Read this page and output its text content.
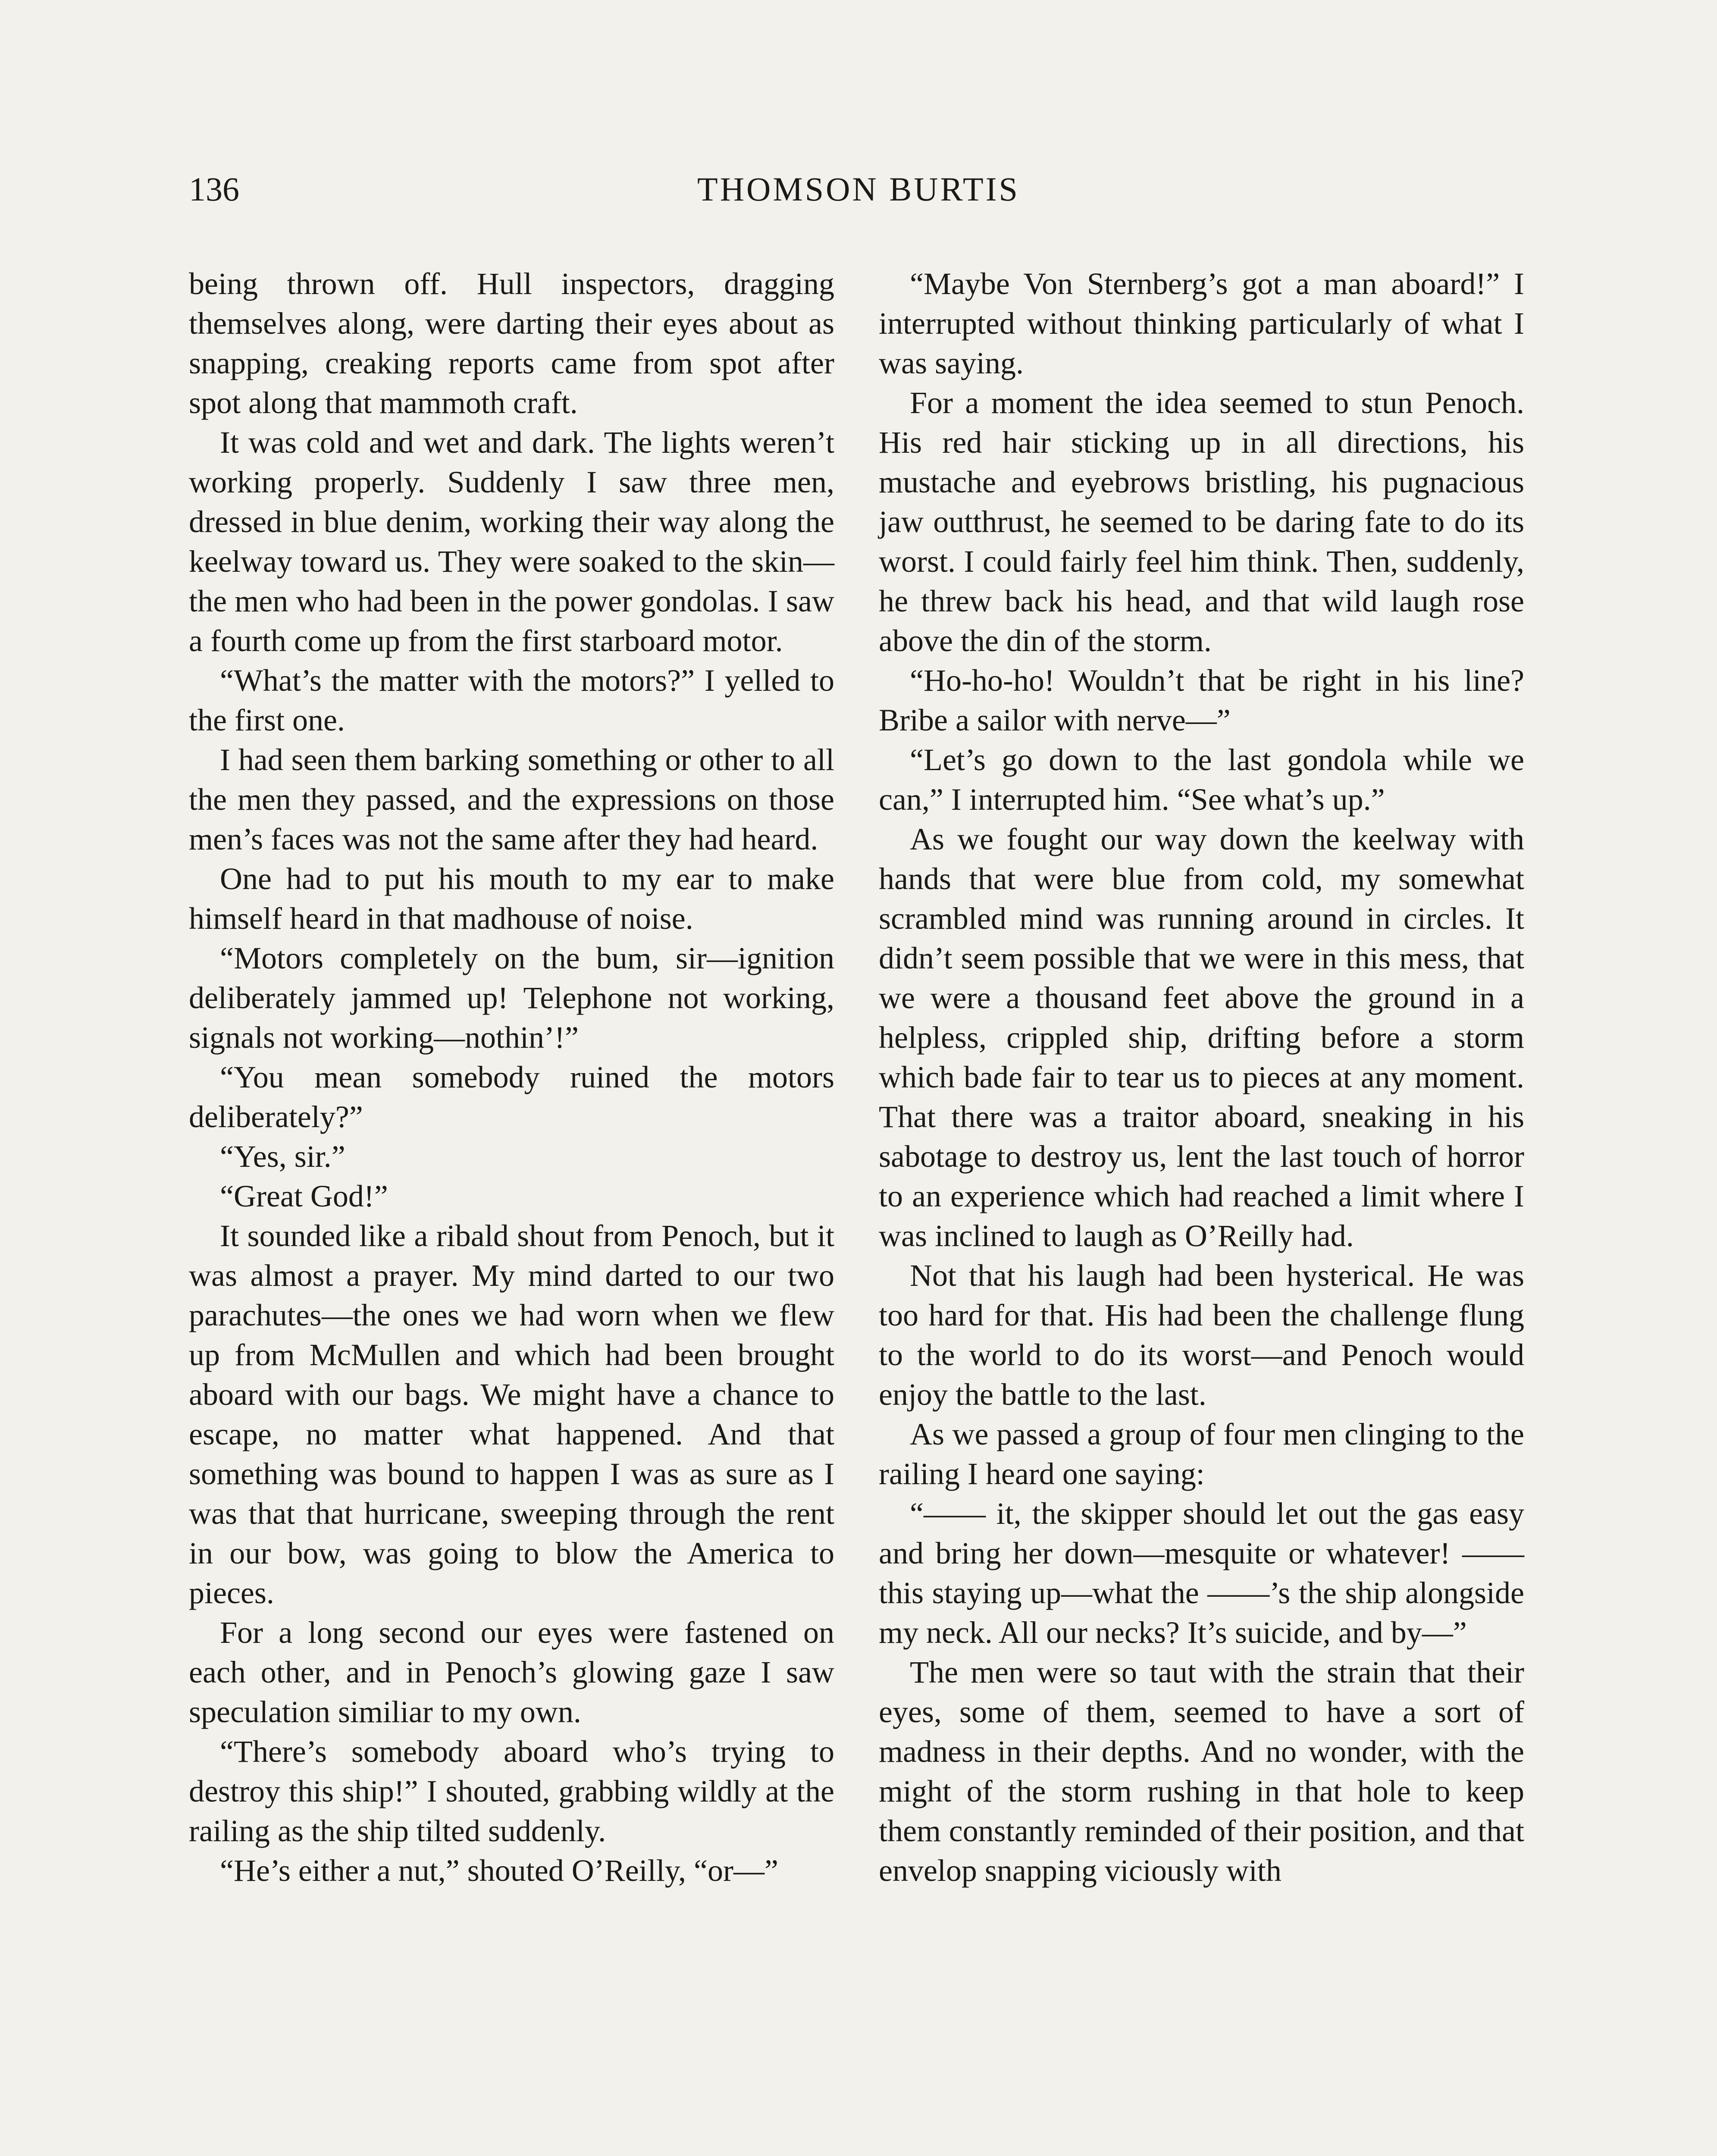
136	THOMSON BURTIS

being thrown off. Hull inspectors, dragging themselves along, were darting their eyes about as snapping, creaking reports came from spot after spot along that mammoth craft.

It was cold and wet and dark. The lights weren’t working properly. Suddenly I saw three men, dressed in blue denim, working their way along the keelway toward us. They were soaked to the skin—the men who had been in the power gondolas. I saw a fourth come up from the first starboard motor.

“What’s the matter with the motors?” I yelled to the first one.

I had seen them barking something or other to all the men they passed, and the expressions on those men’s faces was not the same after they had heard.

One had to put his mouth to my ear to make himself heard in that madhouse of noise.

“Motors completely on the bum, sir—ignition deliberately jammed up! Telephone not working, signals not working—nothin’!”

“You mean somebody ruined the motors deliberately?”

“Yes, sir.”

“Great God!”

It sounded like a ribald shout from Penoch, but it was almost a prayer. My mind darted to our two parachutes—the ones we had worn when we flew up from McMullen and which had been brought aboard with our bags. We might have a chance to escape, no matter what happened. And that something was bound to happen I was as sure as I was that that hurricane, sweeping through the rent in our bow, was going to blow the America to pieces.

For a long second our eyes were fastened on each other, and in Penoch’s glowing gaze I saw speculation similiar to my own.

“There’s somebody aboard who’s trying to destroy this ship!” I shouted, grabbing wildly at the railing as the ship tilted suddenly.

“He’s either a nut,” shouted O’Reilly, “or—”

“Maybe Von Sternberg’s got a man aboard!” I interrupted without thinking particularly of what I was saying.

For a moment the idea seemed to stun Penoch. His red hair sticking up in all directions, his mustache and eyebrows bristling, his pugnacious jaw outthrust, he seemed to be daring fate to do its worst. I could fairly feel him think. Then, suddenly, he threw back his head, and that wild laugh rose above the din of the storm.

“Ho-ho-ho! Wouldn’t that be right in his line? Bribe a sailor with nerve—”

“Let’s go down to the last gondola while we can,” I interrupted him. “See what’s up.”

As we fought our way down the keelway with hands that were blue from cold, my somewhat scrambled mind was running around in circles. It didn’t seem possible that we were in this mess, that we were a thousand feet above the ground in a helpless, crippled ship, drifting before a storm which bade fair to tear us to pieces at any moment. That there was a traitor aboard, sneaking in his sabotage to destroy us, lent the last touch of horror to an experience which had reached a limit where I was inclined to laugh as O’Reilly had.

Not that his laugh had been hysterical. He was too hard for that. His had been the challenge flung to the world to do its worst—and Penoch would enjoy the battle to the last.

As we passed a group of four men clinging to the railing I heard one saying:

“—— it, the skipper should let out the gas easy and bring her down—mesquite or whatever! —— this staying up—what the ——’s the ship alongside my neck. All our necks? It’s suicide, and by—”

The men were so taut with the strain that their eyes, some of them, seemed to have a sort of madness in their depths. And no wonder, with the might of the storm rushing in that hole to keep them constantly reminded of their position, and that envelop snapping viciously with
